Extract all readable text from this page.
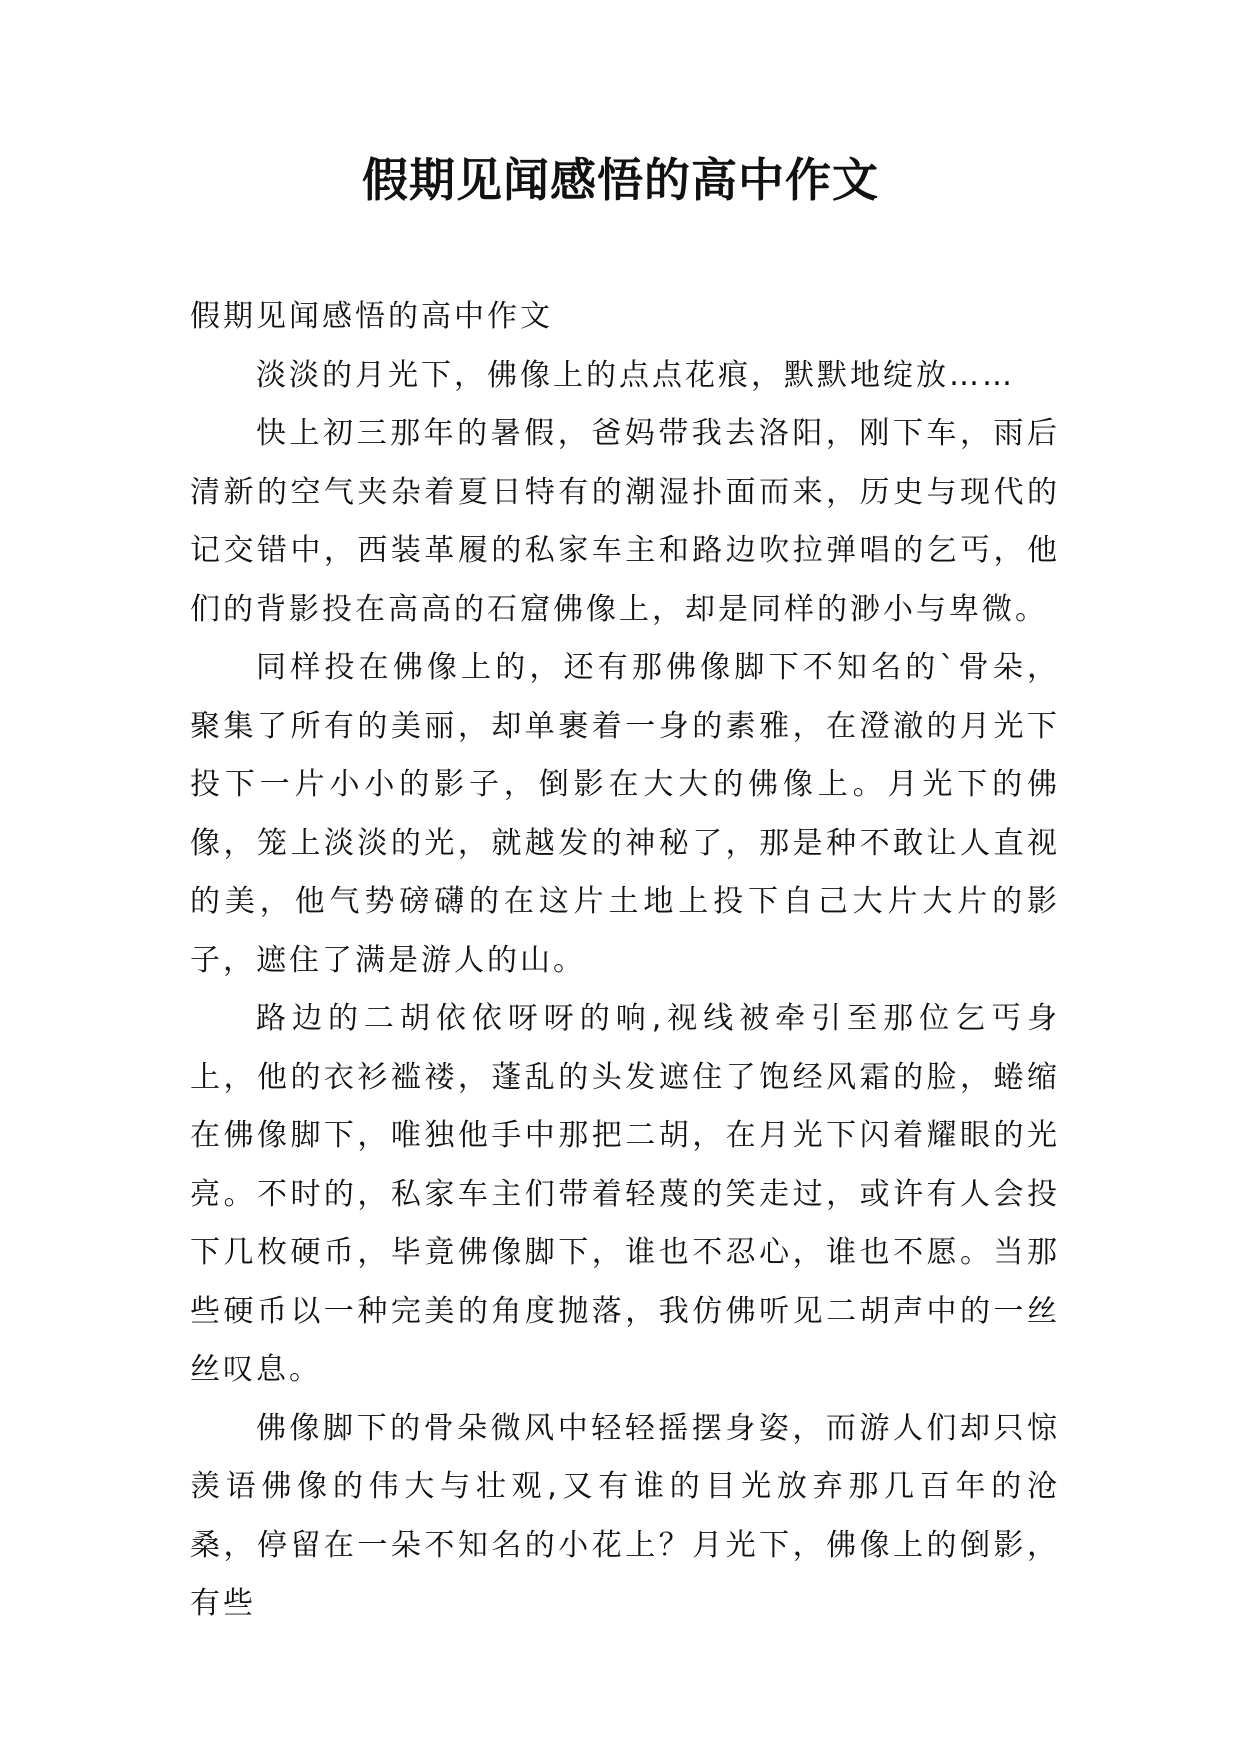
假期见闻感悟的高中作文

假期见闻感悟的高中作文

淡淡的月光下，佛像上的点点花痕，默默地绽放……

快上初三那年的暑假，爸妈带我去洛阳，刚下车，雨后清新的空气夹杂着夏日特有的潮湿扑面而来，历史与现代的记交错中，西装革履的私家车主和路边吹拉弹唱的乞丐，他们的背影投在高高的石窟佛像上，却是同样的渺小与卑微。

同样投在佛像上的，还有那佛像脚下不知名的`骨朵，聚集了所有的美丽，却单裹着一身的素雅，在澄澈的月光下投下一片小小的影子，倒影在大大的佛像上。月光下的佛像，笼上淡淡的光，就越发的神秘了，那是种不敢让人直视的美，他气势磅礴的在这片土地上投下自己大片大片的影子，遮住了满是游人的山。

路边的二胡依依呀呀的响,视线被牵引至那位乞丐身上，他的衣衫褴褛，蓬乱的头发遮住了饱经风霜的脸，蜷缩在佛像脚下，唯独他手中那把二胡，在月光下闪着耀眼的光亮。不时的，私家车主们带着轻蔑的笑走过，或许有人会投下几枚硬币，毕竟佛像脚下，谁也不忍心，谁也不愿。当那些硬币以一种完美的角度抛落，我仿佛听见二胡声中的一丝丝叹息。

佛像脚下的骨朵微风中轻轻摇摆身姿，而游人们却只惊羡语佛像的伟大与壮观,又有谁的目光放弃那几百年的沧桑，停留在一朵不知名的小花上？月光下，佛像上的倒影，有些
